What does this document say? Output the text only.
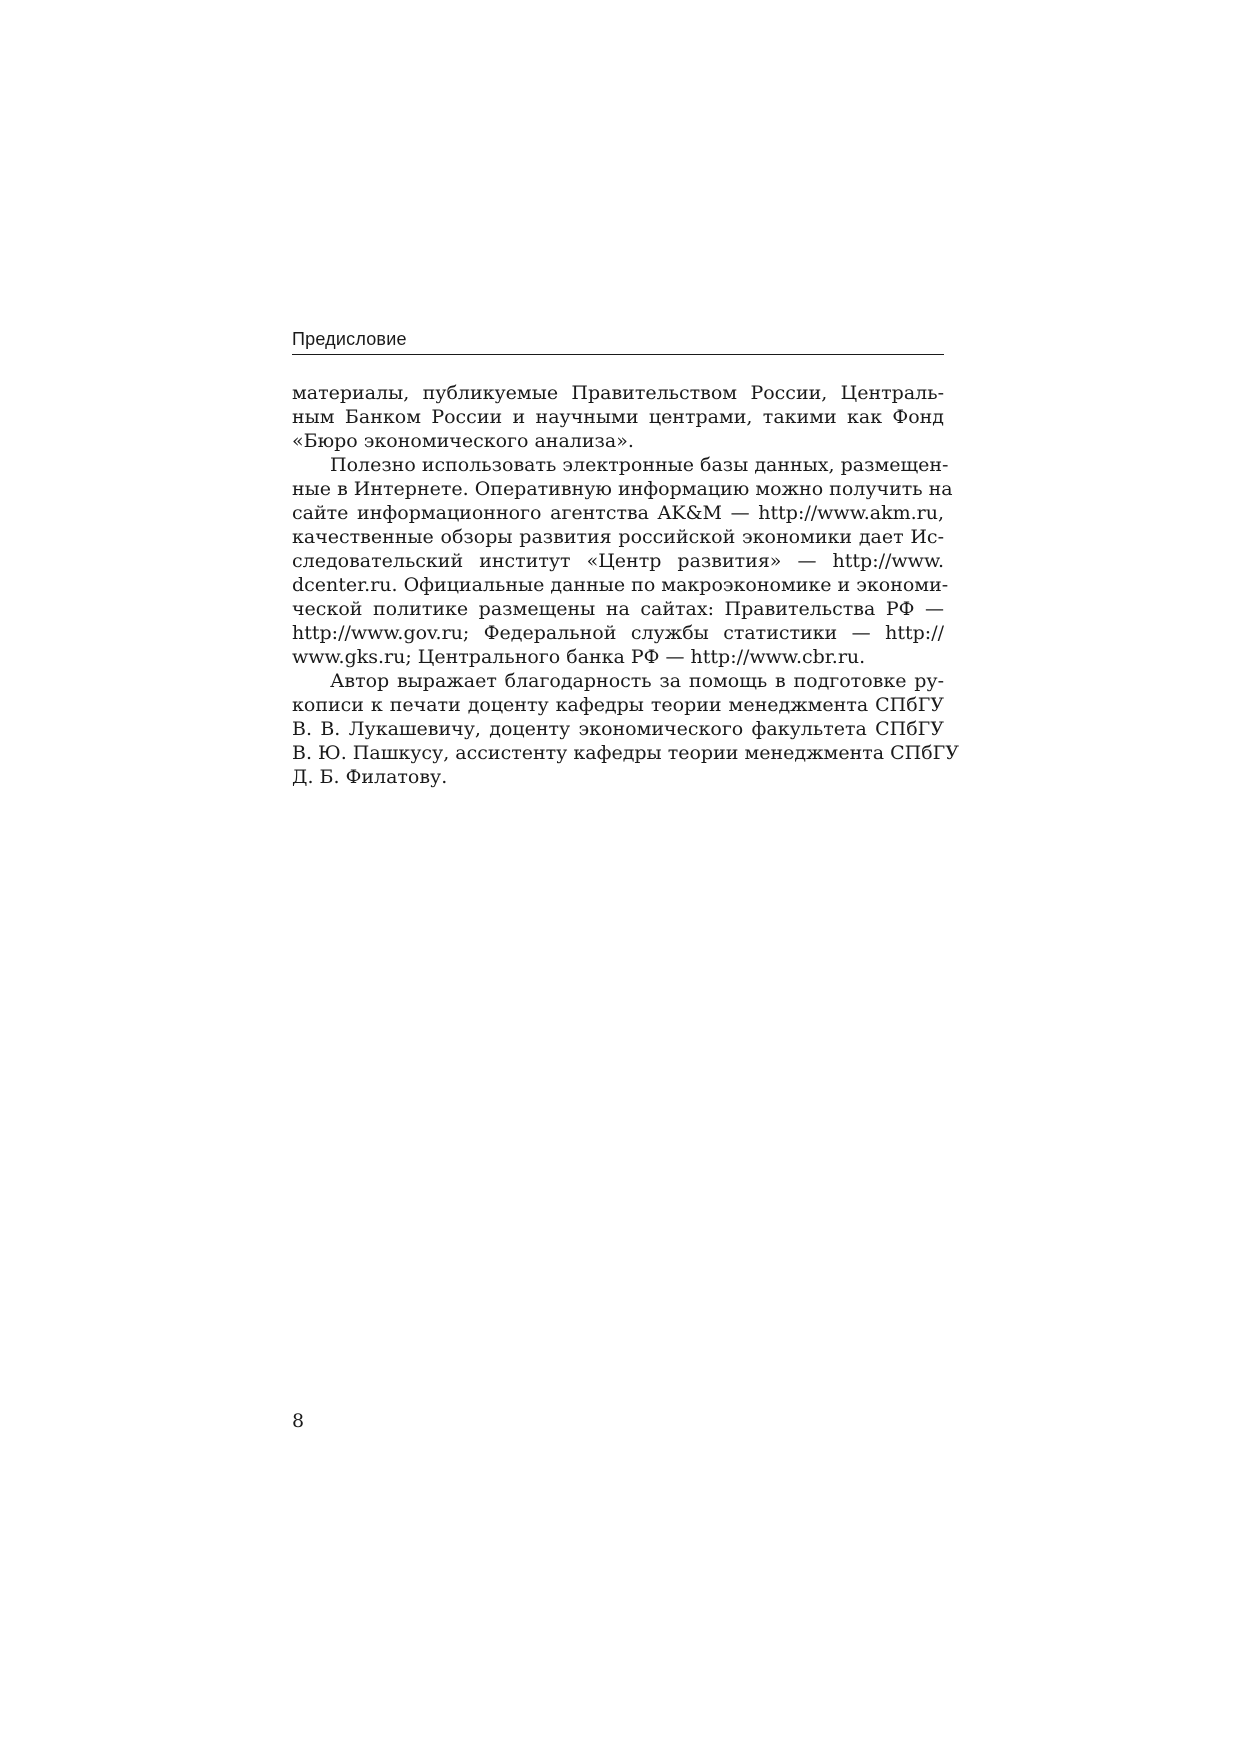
Предисловие
материалы, публикуемые Правительством России, Централь-
ным Банком России и научными центрами, такими как Фонд
«Бюро экономического анализа».
Полезно использовать электронные базы данных, размещен-
ные в Интернете. Оперативную информацию можно получить на
сайте информационного агентства AK&M — http://www.akm.ru,
качественные обзоры развития российской экономики дает Ис-
следовательский институт «Центр развития» — http://www.
dcenter.ru. Официальные данные по макроэкономике и экономи-
ческой политике размещены на сайтах: Правительства РФ —
http://www.gov.ru; Федеральной службы статистики — http://
www.gks.ru; Центрального банка РФ — http://www.cbr.ru.
Автор выражает благодарность за помощь в подготовке ру-
кописи к печати доценту кафедры теории менеджмента СПбГУ
В. В. Лукашевичу, доценту экономического факультета СПбГУ
В. Ю. Пашкусу, ассистенту кафедры теории менеджмента СПбГУ
Д. Б. Филатову.
8
